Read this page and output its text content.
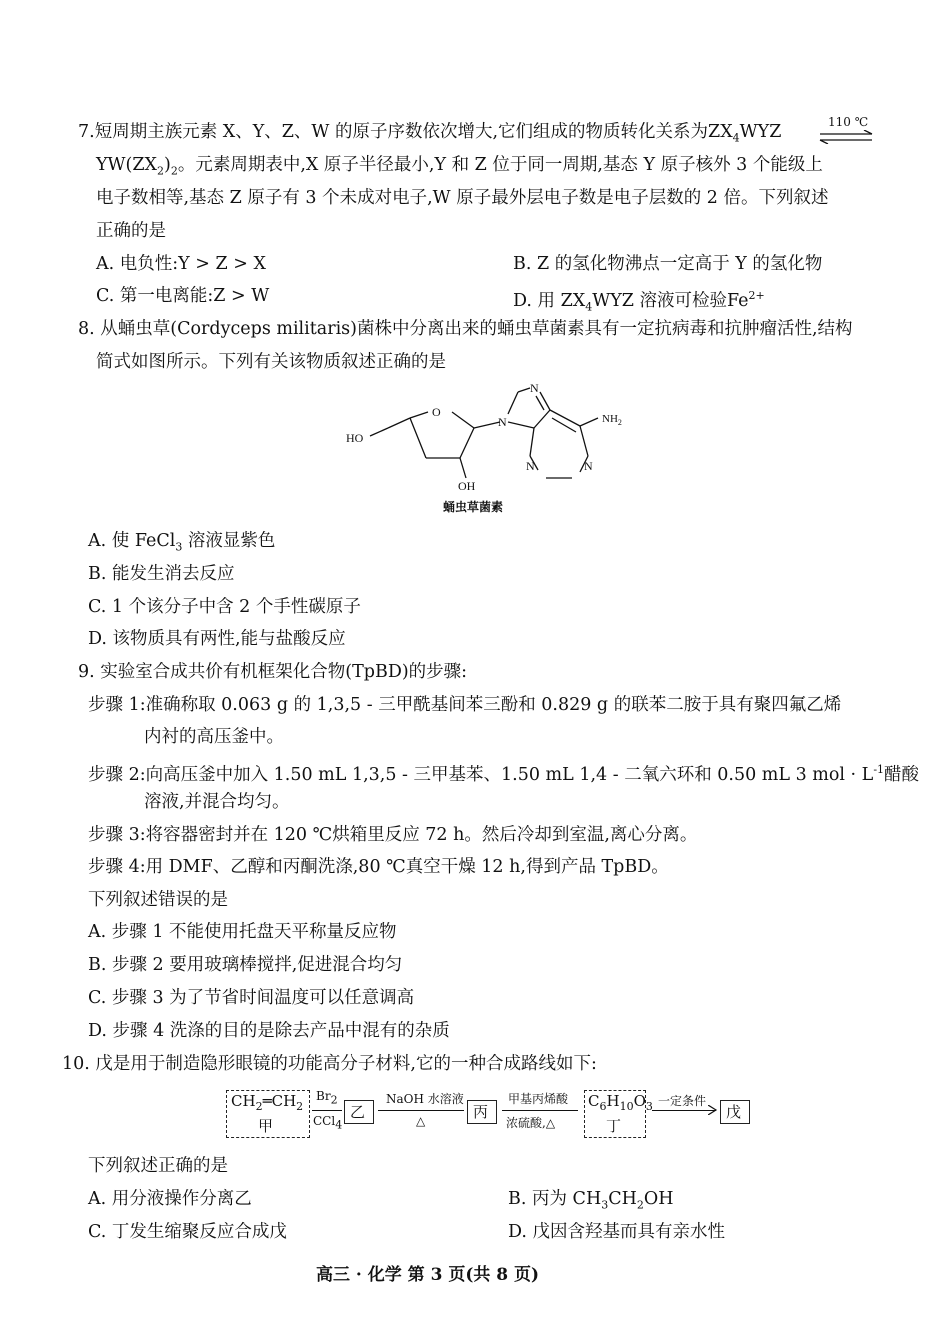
7.短周期主族元素 X、Y、Z、W 的原子序数依次增大,它们组成的物质转化关系为$ZX_4WYZ$	110 ℃
$YW(ZX_2)_2$。元素周期表中,X 原子半径最小,Y 和 Z 位于同一周期,基态 Y 原子核外 3 个能级上
电子数相等,基态 Z 原子有 3 个未成对电子,W 原子最外层电子数是电子层数的 2 倍。下列叙述
正确的是
A. 电负性:Y > Z > X	B. Z 的氢化物沸点一定高于 Y 的氢化物
C. 第一电离能:Z > W	D. 用 $ZX_4WYZ$ 溶液可检验$Fe^{2+}$
8. 从蛹虫草(Cordyceps militaris)菌株中分离出来的蛹虫草菌素具有一定抗病毒和抗肿瘤活性,结构
简式如图所示。下列有关该物质叙述正确的是
HO
O
OH
N
N
N	N
$NH_2$
蛹虫草菌素
A. 使 FeCl$_3$ 溶液显紫色
B. 能发生消去反应
C. 1 个该分子中含 2 个手性碳原子
D. 该物质具有两性,能与盐酸反应
9. 实验室合成共价有机框架化合物(TpBD)的步骤:
步骤 1:准确称取 0.063 g 的 1,3,5 - 三甲酰基间苯三酚和 0.829 g 的联苯二胺于具有聚四氟乙烯
内衬的高压釜中。
步骤 2:向高压釜中加入 1.50 mL 1,3,5 - 三甲基苯、1.50 mL 1,4 - 二氧六环和 0.50 mL 3 mol · $L^{-1}$醋酸
溶液,并混合均匀。
步骤 3:将容器密封并在 120 ℃烘箱里反应 72 h。然后冷却到室温,离心分离。
步骤 4:用 DMF、乙醇和丙酮洗涤,80 ℃真空干燥 12 h,得到产品 TpBD。
下列叙述错误的是
A. 步骤 1 不能使用托盘天平称量反应物
B. 步骤 2 要用玻璃棒搅拌,促进混合均匀
C. 步骤 3 为了节省时间温度可以任意调高
D. 步骤 4 洗涤的目的是除去产品中混有的杂质
10. 戊是用于制造隐形眼镜的功能高分子材料,它的一种合成路线如下:
$CH_2═CH_2$
甲
$Br_2$
CCl$_4$
乙
NaOH 水溶液
△	丙
甲基丙烯酸
浓硫酸,△
$C_6H_{10}O_3$
丁
一定条件
戊
下列叙述正确的是
A. 用分液操作分离乙	B. 丙为 $CH_3CH_2OH$
C. 丁发生缩聚反应合成戊	D. 戊因含羟基而具有亲水性
高三 · 化学 第 3 页(共 8 页)
